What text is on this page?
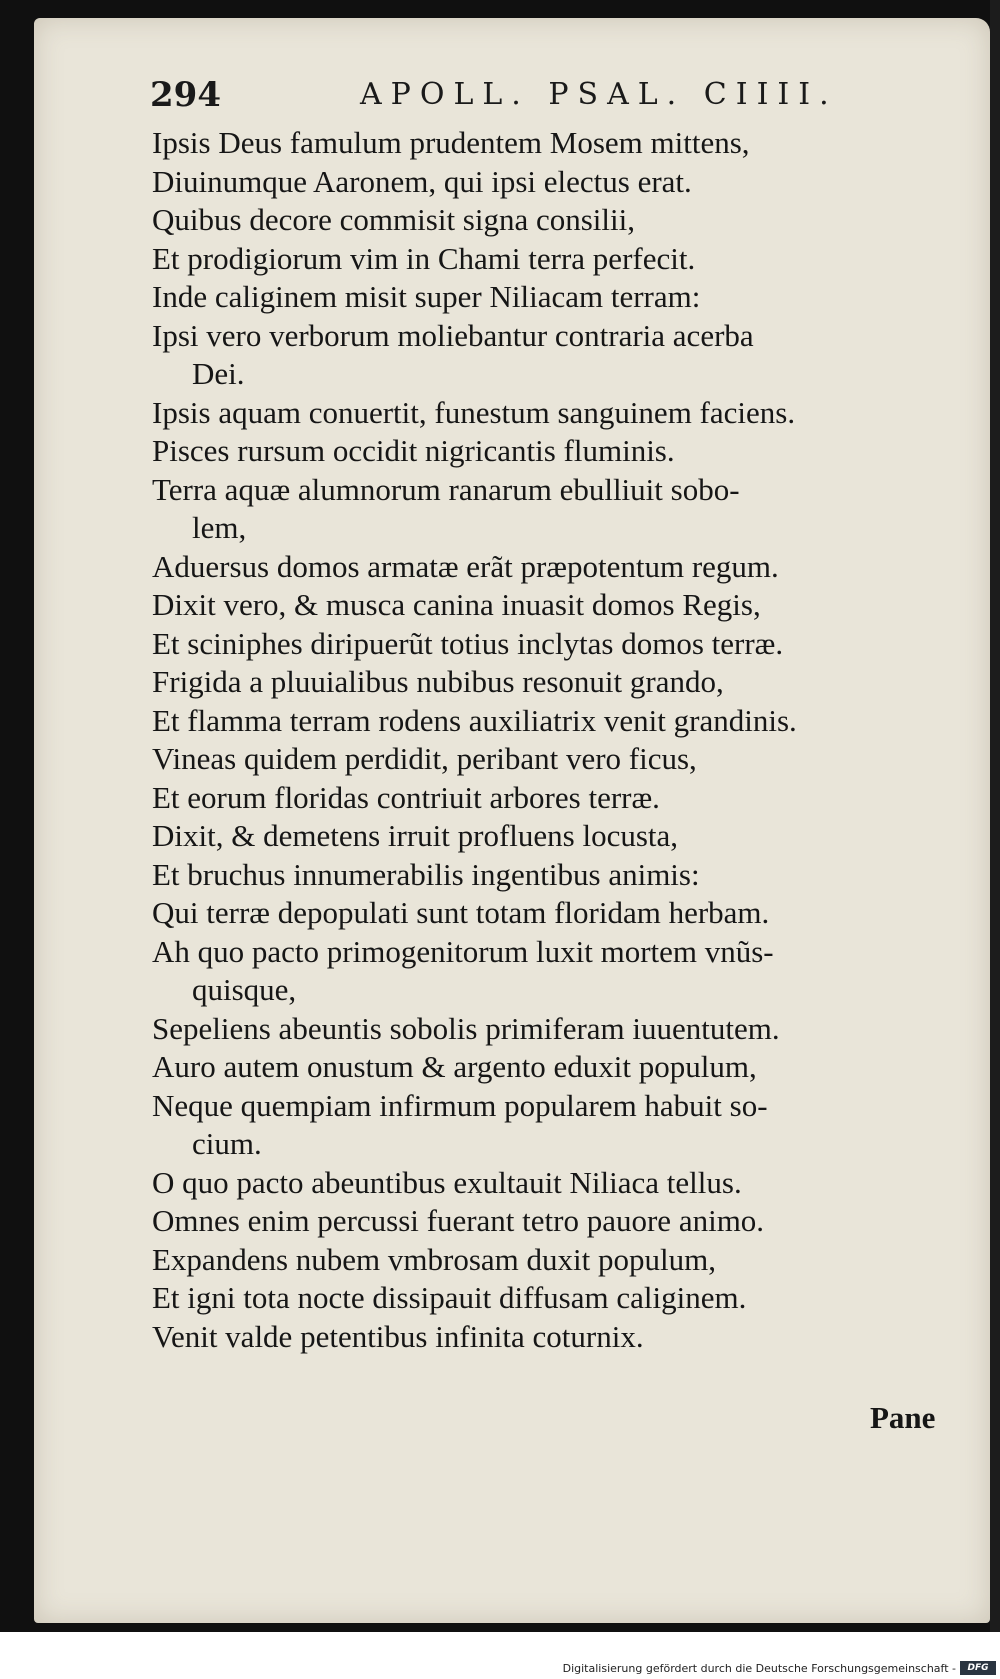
294	APOLL. PSAL. CIIII.
Ipsis Deus famulum prudentem Mosem mittens,
Diuinumque Aaronem, qui ipsi electus erat.
Quibus decore commisit signa consilii,
Et prodigiorum vim in Chami terra perfecit.
Inde caliginem misit super Niliacam terram:
Ipsi vero verborum moliebantur contraria acerba
Dei.
Ipsis aquam conuertit, funestum sanguinem faciens.
Pisces rursum occidit nigricantis fluminis.
Terra aquæ alumnorum ranarum ebulliuit sobo-
lem,
Aduersus domos armatæ erãt præpotentum regum.
Dixit vero, & musca canina inuasit domos Regis,
Et sciniphes diripuerũt totius inclytas domos terræ.
Frigida a pluuialibus nubibus resonuit grando,
Et flamma terram rodens auxiliatrix venit grandinis.
Vineas quidem perdidit, peribant vero ficus,
Et eorum floridas contriuit arbores terræ.
Dixit, & demetens irruit profluens locusta,
Et bruchus innumerabilis ingentibus animis:
Qui terræ depopulati sunt totam floridam herbam.
Ah quo pacto primogenitorum luxit mortem vnũs-
quisque,
Sepeliens abeuntis sobolis primiferam iuuentutem.
Auro autem onustum & argento eduxit populum,
Neque quempiam infirmum popularem habuit so-
cium.
O quo pacto abeuntibus exultauit Niliaca tellus.
Omnes enim percussi fuerant tetro pauore animo.
Expandens nubem vmbrosam duxit populum,
Et igni tota nocte dissipauit diffusam caliginem.
Venit valde petentibus infinita coturnix.
Pane
Digitalisierung gefördert durch die Deutsche Forschungsgemeinschaft -	DFG
